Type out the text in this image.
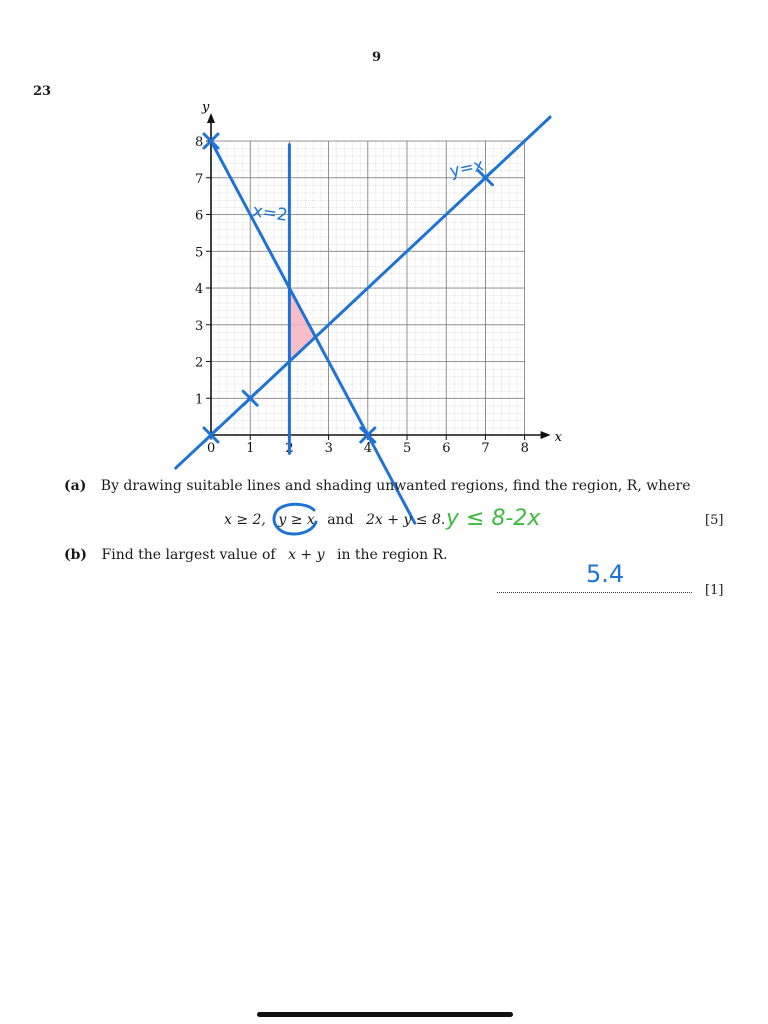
9
23
x
y
0 1 2 3 4 5 6 7 8
1
2
3
4
5
6
7
8
y=x
x=2
(a) By drawing suitable lines and shading unwanted regions, find the region, R, where
x ≥ 2, y ≥ x and 2x + y ≤ 8. y ≤ 8-2x	[5]
(b) Find the largest value of x + y in the region R.
5.4
[1]
